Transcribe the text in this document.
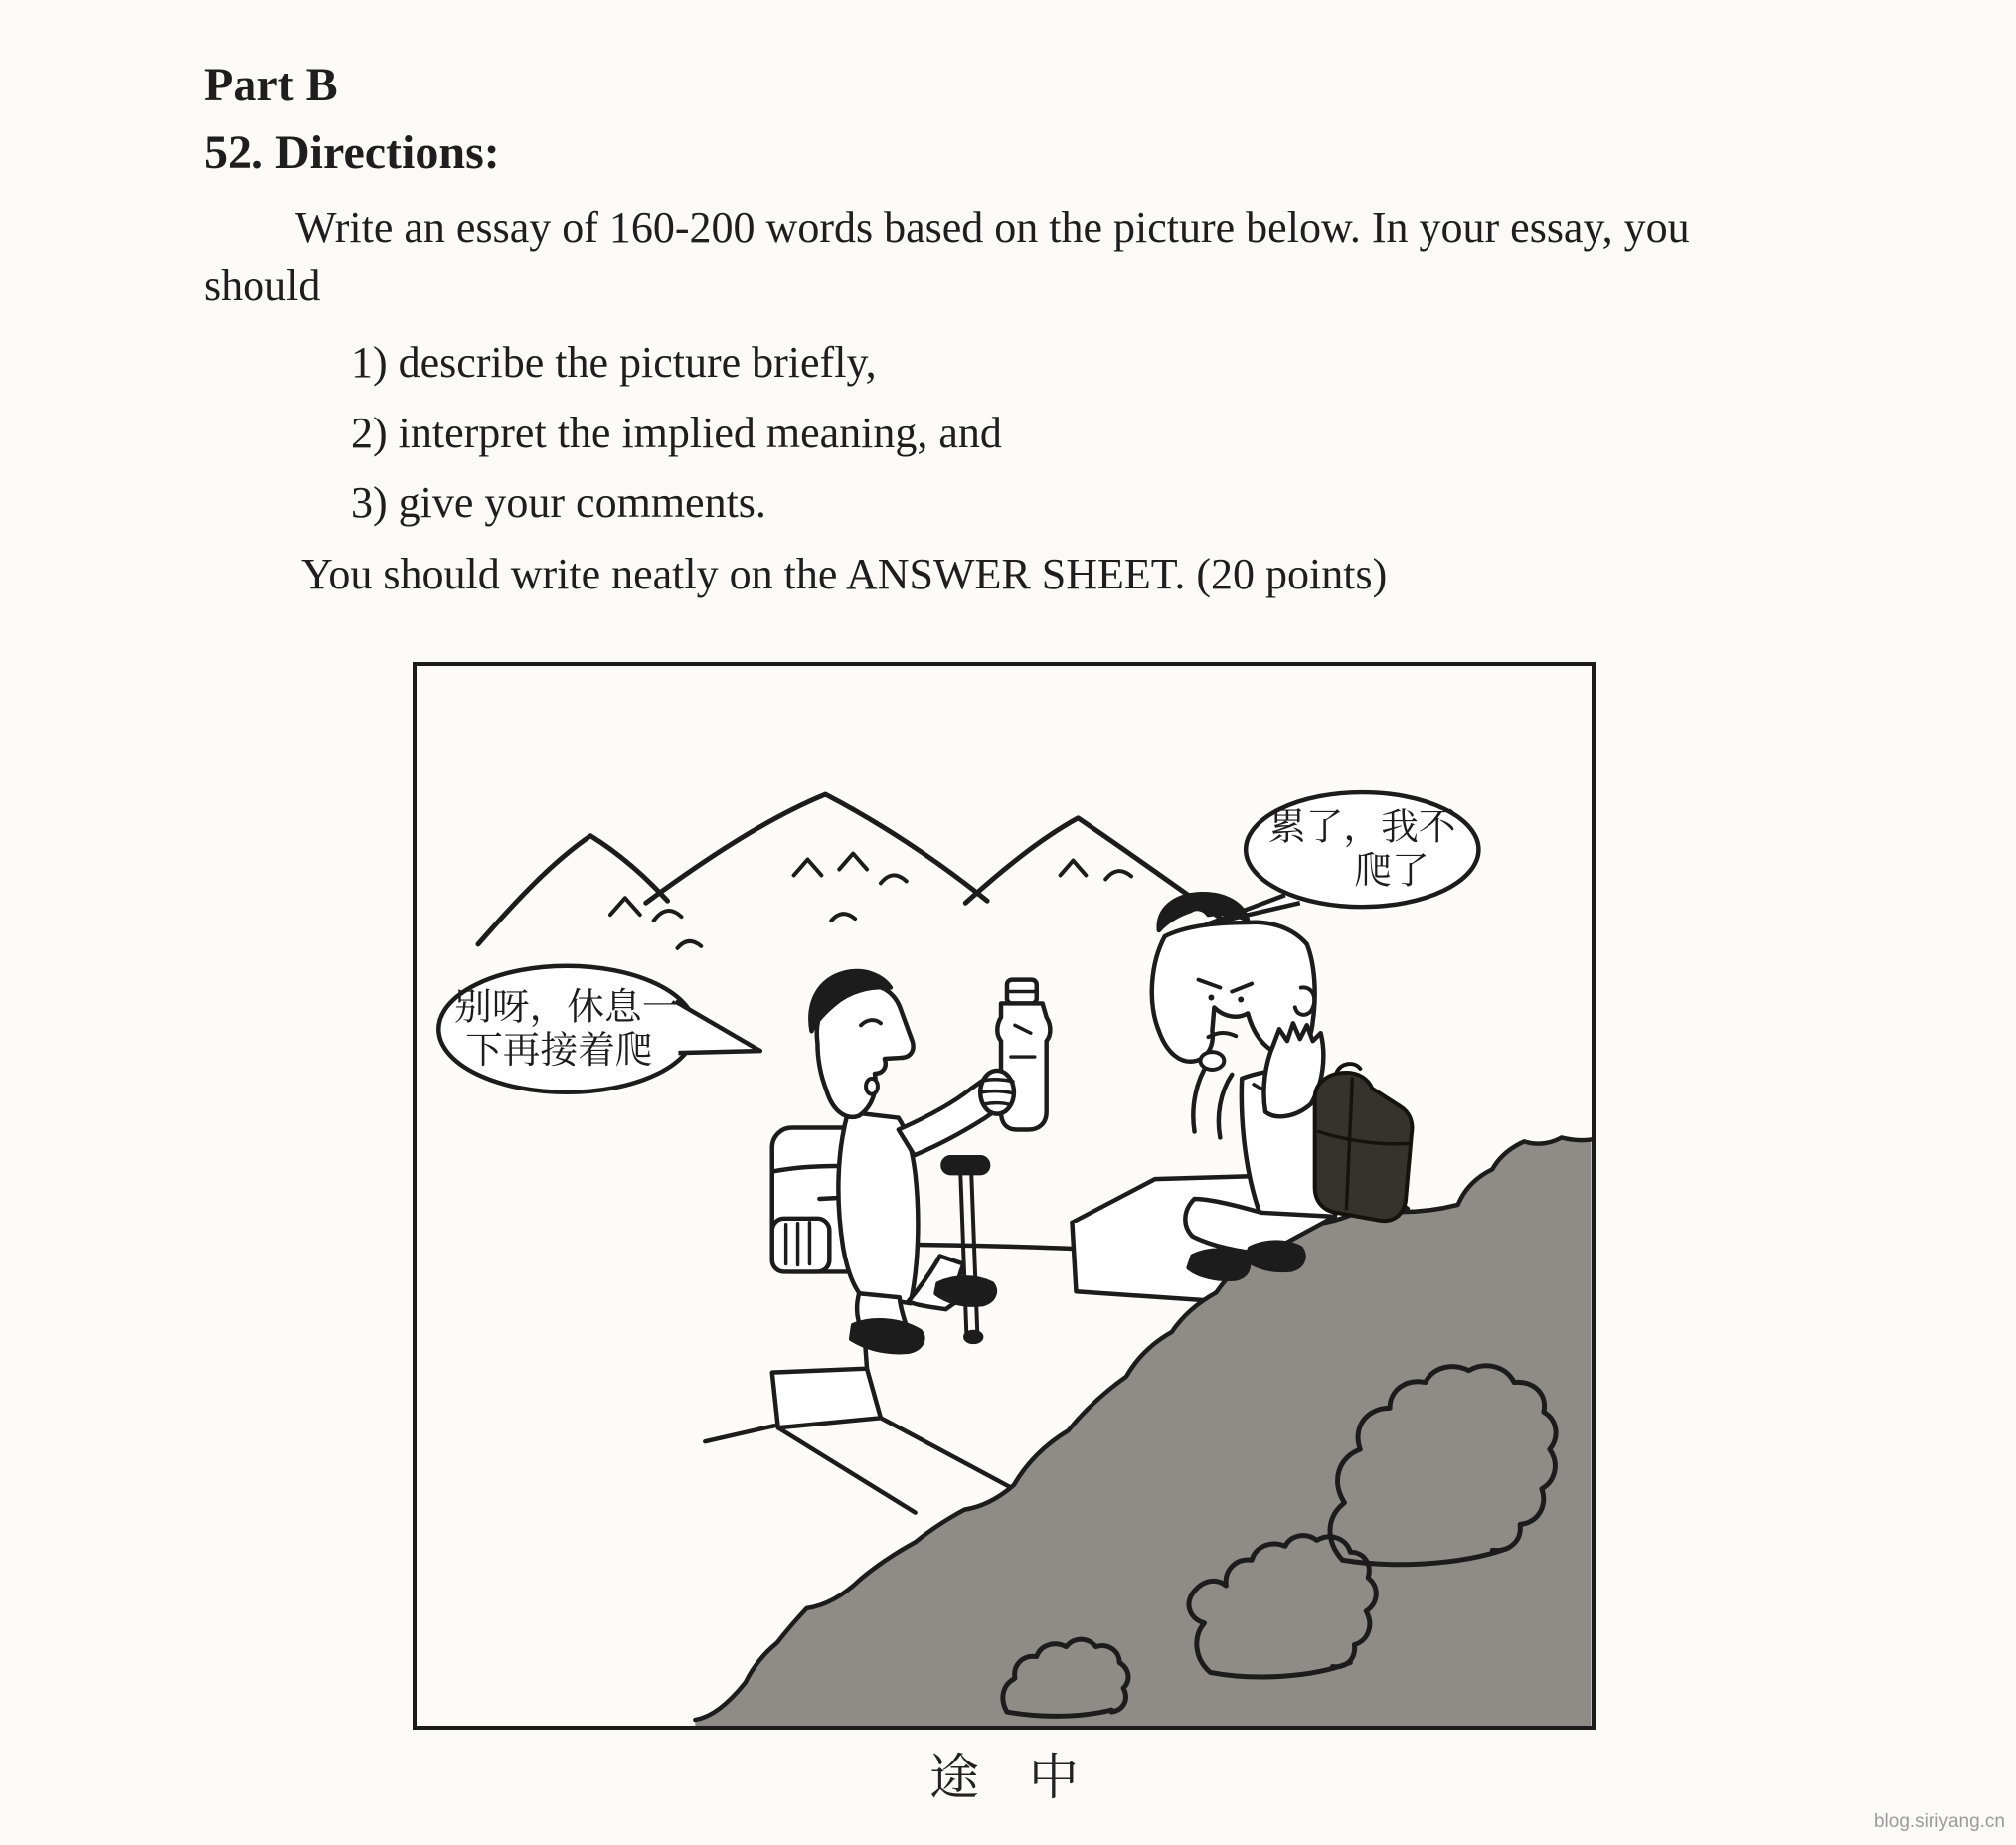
Part B
52. Directions:
Write an essay of 160-200 words based on the picture below. In your essay, you
should
1) describe the picture briefly,
2) interpret the implied meaning, and
3) give your comments.
You should write neatly on the ANSWER SHEET. (20 points)
别呀，休息一
下再接着爬
累了，我不
爬了
途　中
blog.siriyang.cn
